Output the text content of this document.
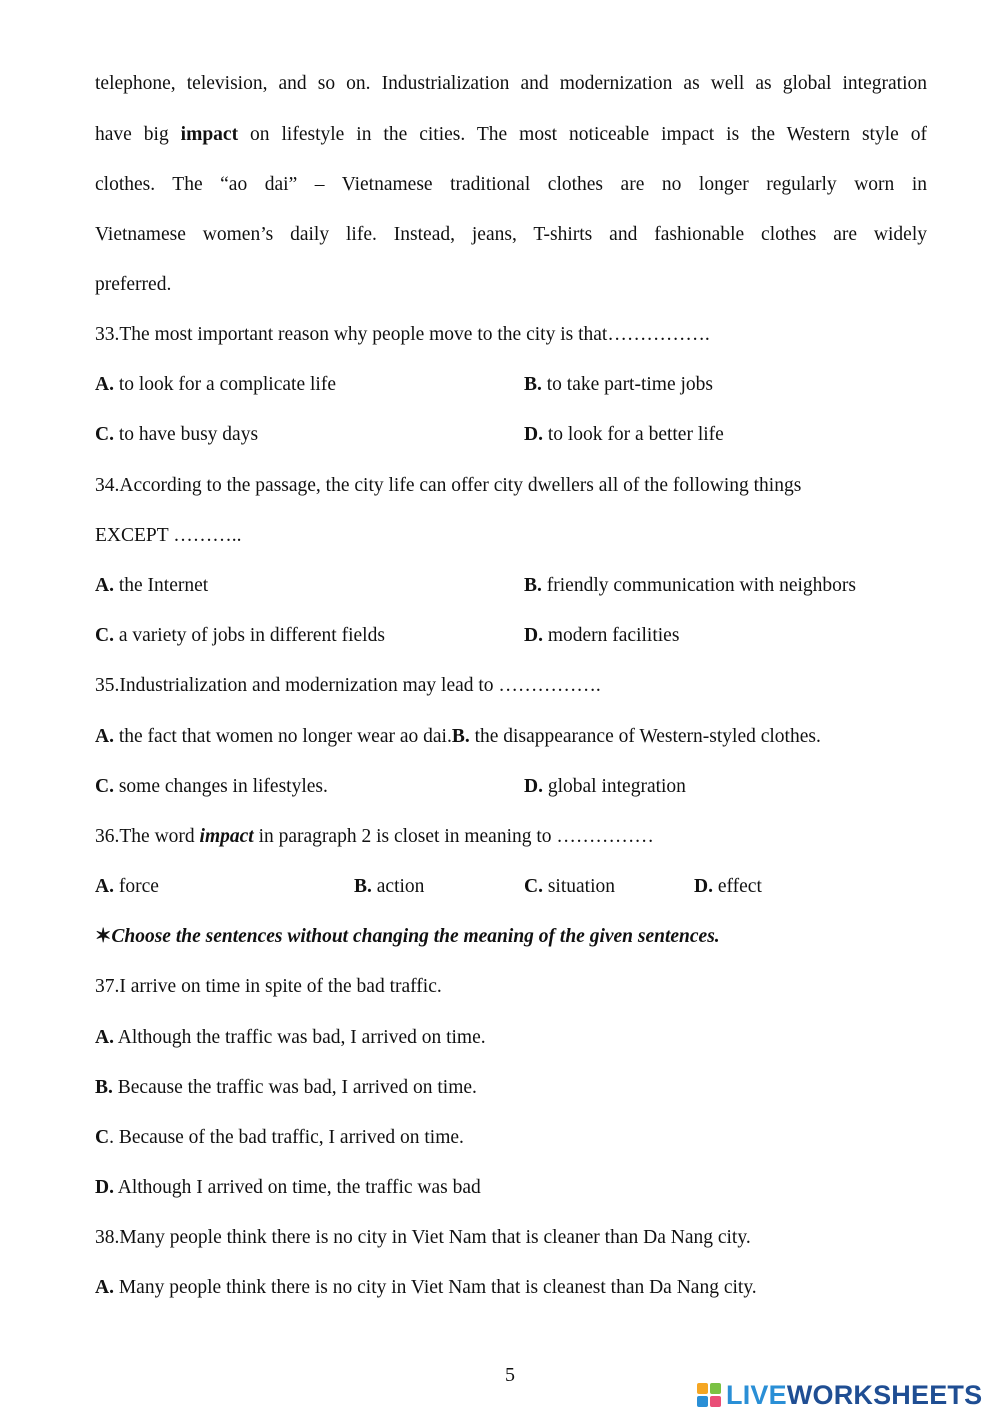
telephone, television, and so on. Industrialization and modernization as well as global integration
have big impact on lifestyle in the cities. The most noticeable impact is the Western style of
clothes. The “ao dai” – Vietnamese traditional clothes are no longer regularly worn in
Vietnamese women’s daily life. Instead, jeans, T-shirts and fashionable clothes are widely
preferred.
33.The most important reason why people move to the city is that…………….
A. to look for a complicate life	B. to take part-time jobs
C. to have busy days	D. to look for a better life
34.According to the passage, the city life can offer city dwellers all of the following things
EXCEPT ………..
A. the Internet	B. friendly communication with neighbors
C. a variety of jobs in different fields	D. modern facilities
35.Industrialization and modernization may lead to …………….
A. the fact that women no longer wear ao dai.B. the disappearance of Western-styled clothes.
C. some changes in lifestyles.	D. global integration
36.The word impact in paragraph 2 is closet in meaning to ……………
A. force	B. action	C. situation	D. effect
✶Choose the sentences without changing the meaning of the given sentences.
37.I arrive on time in spite of the bad traffic.
A. Although the traffic was bad, I arrived on time.
B. Because the traffic was bad, I arrived on time.
C. Because of the bad traffic, I arrived on time.
D. Although I arrived on time, the traffic was bad
38.Many people think there is no city in Viet Nam that is cleaner than Da Nang city.
A. Many people think there is no city in Viet Nam that is cleanest than Da Nang city.
5
LIVEWORKSHEETS
